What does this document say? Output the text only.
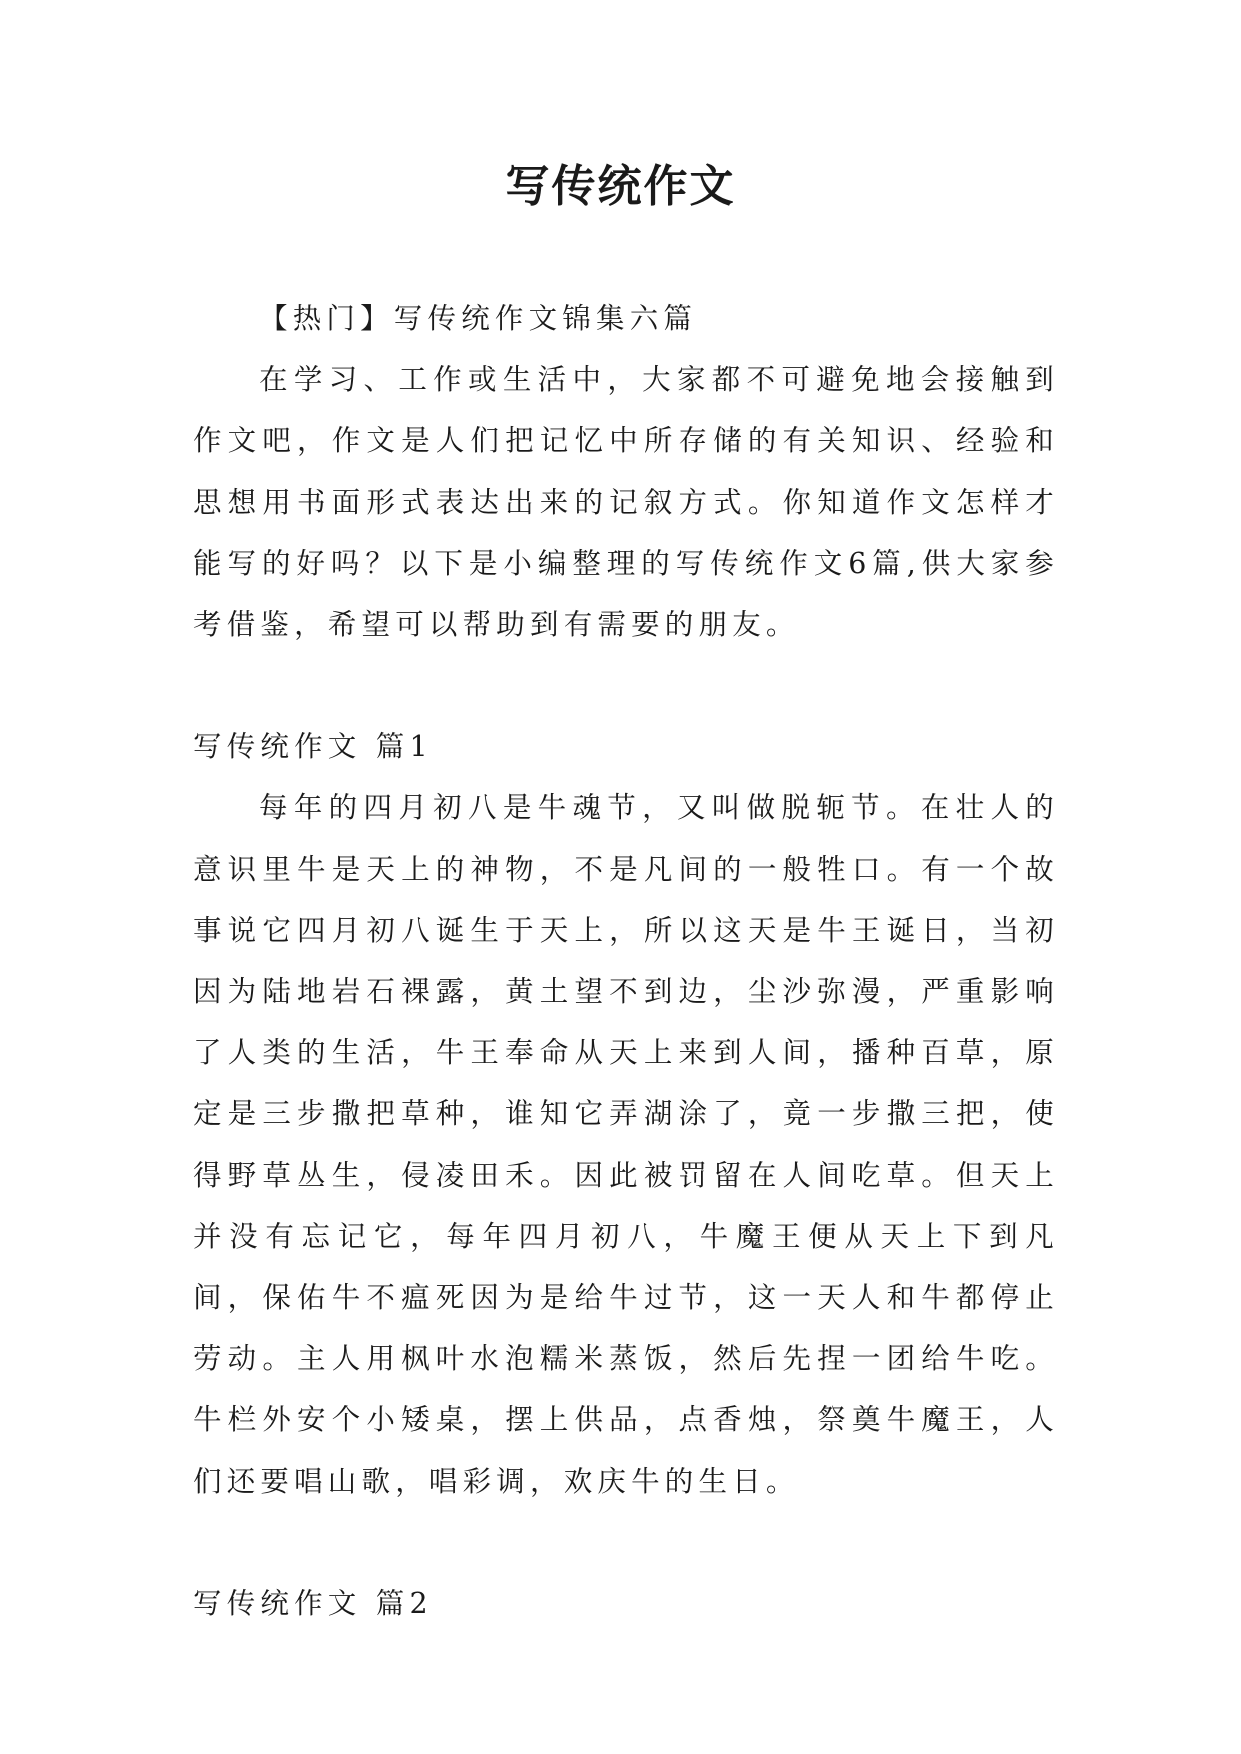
写传统作文

【热门】写传统作文锦集六篇

在学习、工作或生活中，大家都不可避免地会接触到作文吧，作文是人们把记忆中所存储的有关知识、经验和思想用书面形式表达出来的记叙方式。你知道作文怎样才能写的好吗？以下是小编整理的写传统作文6篇,供大家参考借鉴，希望可以帮助到有需要的朋友。

写传统作文 篇1

每年的四月初八是牛魂节，又叫做脱轭节。在壮人的意识里牛是天上的神物，不是凡间的一般牲口。有一个故事说它四月初八诞生于天上，所以这天是牛王诞日，当初因为陆地岩石裸露，黄土望不到边，尘沙弥漫，严重影响了人类的生活，牛王奉命从天上来到人间，播种百草，原定是三步撒把草种，谁知它弄湖涂了，竟一步撒三把，使得野草丛生，侵凌田禾。因此被罚留在人间吃草。但天上并没有忘记它，每年四月初八，牛魔王便从天上下到凡间，保佑牛不瘟死因为是给牛过节，这一天人和牛都停止劳动。主人用枫叶水泡糯米蒸饭，然后先捏一团给牛吃。牛栏外安个小矮桌，摆上供品，点香烛，祭奠牛魔王，人们还要唱山歌，唱彩调，欢庆牛的生日。

写传统作文 篇2
